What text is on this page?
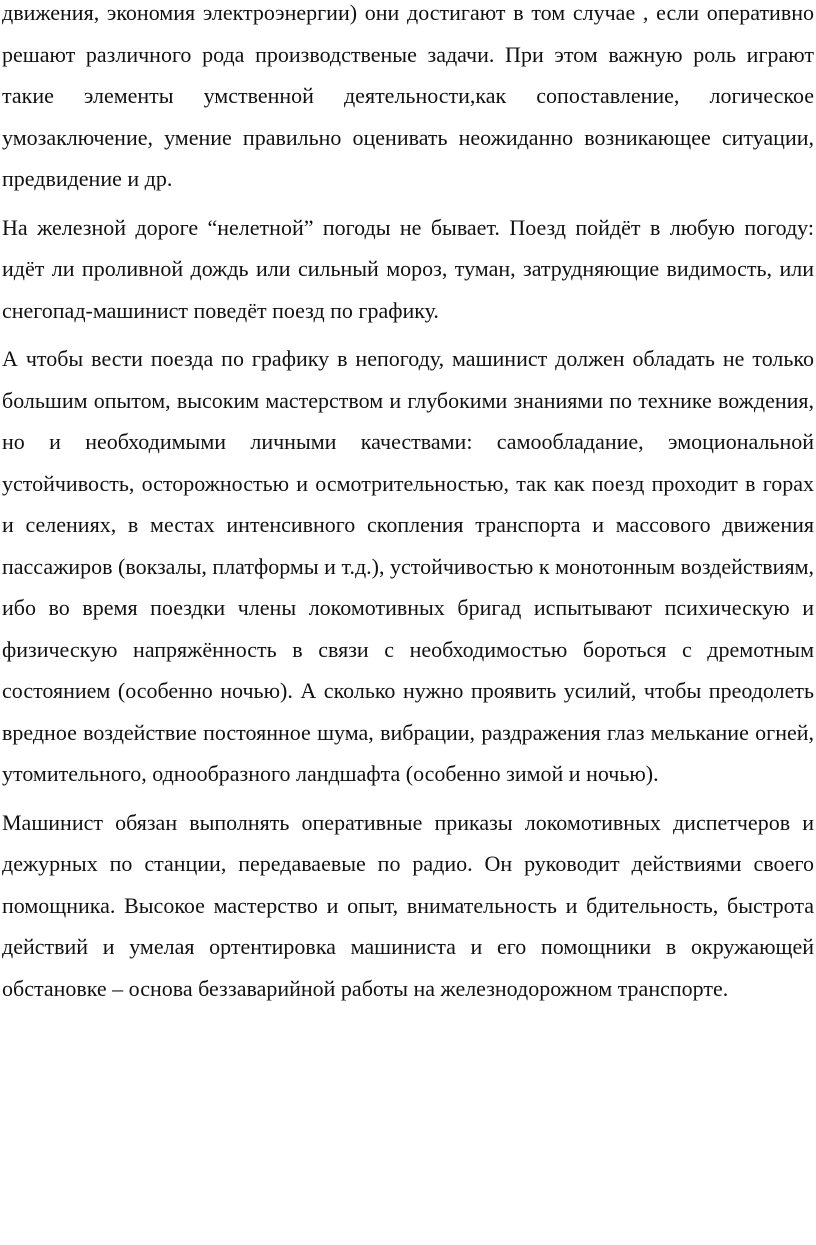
движения, экономия электроэнергии) они достигают в том случае , если оперативно решают различного рода производственые задачи. При этом важную роль играют такие элементы умственной деятельности,как сопоставление, логическое умозаключение, умение правильно оценивать неожиданно возникающее ситуации, предвидение и др.

На железной дороге “нелетной” погоды не бывает. Поезд пойдёт в любую погоду: идёт ли проливной дождь или сильный мороз, туман, затрудняющие видимость, или снегопад-машинист поведёт поезд по графику.

А чтобы вести поезда по графику в непогоду, машинист должен обладать не только большим опытом, высоким мастерством и глубокими знаниями по технике вождения, но и необходимыми личными качествами: самообладание, эмоциональной устойчивость, осторожностью и осмотрительностью, так как поезд проходит в горах и селениях, в местах интенсивного скопления транспорта и массового движения пассажиров (вокзалы, платформы и т.д.), устойчивостью к монотонным воздействиям, ибо во время поездки члены локомотивных бригад испытывают психическую и физическую напряжённость в связи с необходимостью бороться с дремотным состоянием (особенно ночью). А сколько нужно проявить усилий, чтобы преодолеть вредное воздействие постоянное шума, вибрации, раздражения глаз мелькание огней, утомительного, однообразного ландшафта (особенно зимой и ночью).

Машинист обязан выполнять оперативные приказы локомотивных диспетчеров и дежурных по станции, передаваевые по радио. Он руководит действиями своего помощника. Высокое мастерство и опыт, внимательность и бдительность, быстрота действий и умелая ортентировка машиниста и его помощники в окружающей обстановке – основа беззаварийной работы на железнодорожном транспорте.
